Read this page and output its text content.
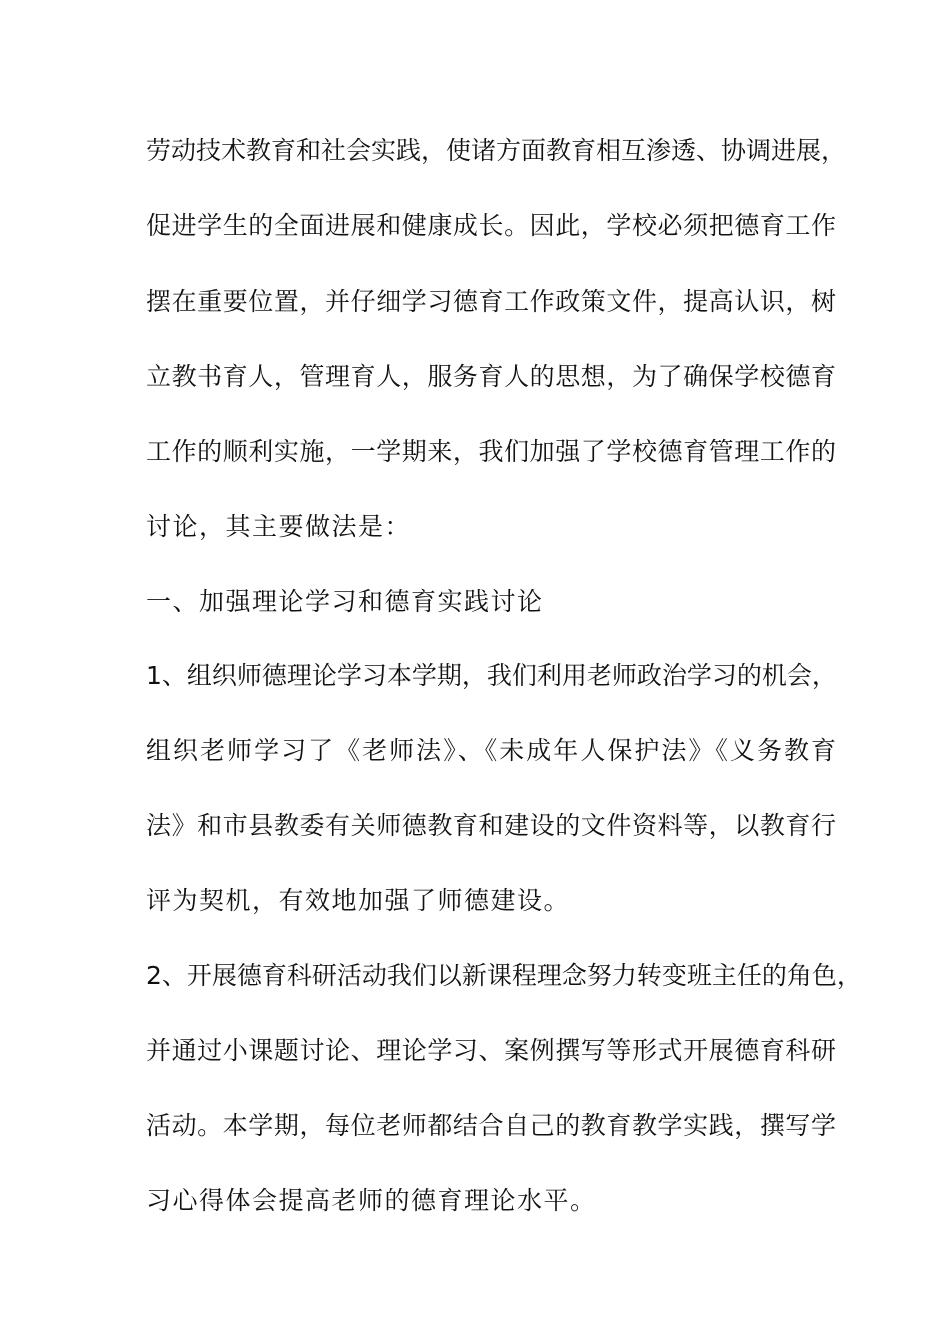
劳动技术教育和社会实践，使诸方面教育相互渗透、协调进展，
促进学生的全面进展和健康成长。因此，学校必须把德育工作
摆在重要位置，并仔细学习德育工作政策文件，提高认识，树
立教书育人，管理育人，服务育人的思想，为了确保学校德育
工作的顺利实施，一学期来，我们加强了学校德育管理工作的
讨论，其主要做法是：
一、加强理论学习和德育实践讨论
1、组织师德理论学习本学期，我们利用老师政治学习的机会，
组织老师学习了《老师法》、《未成年人保护法》《义务教育
法》和市县教委有关师德教育和建设的文件资料等，以教育行
评为契机，有效地加强了师德建设。
2、开展德育科研活动我们以新课程理念努力转变班主任的角色，
并通过小课题讨论、理论学习、案例撰写等形式开展德育科研
活动。本学期，每位老师都结合自己的教育教学实践，撰写学
习心得体会提高老师的德育理论水平。
